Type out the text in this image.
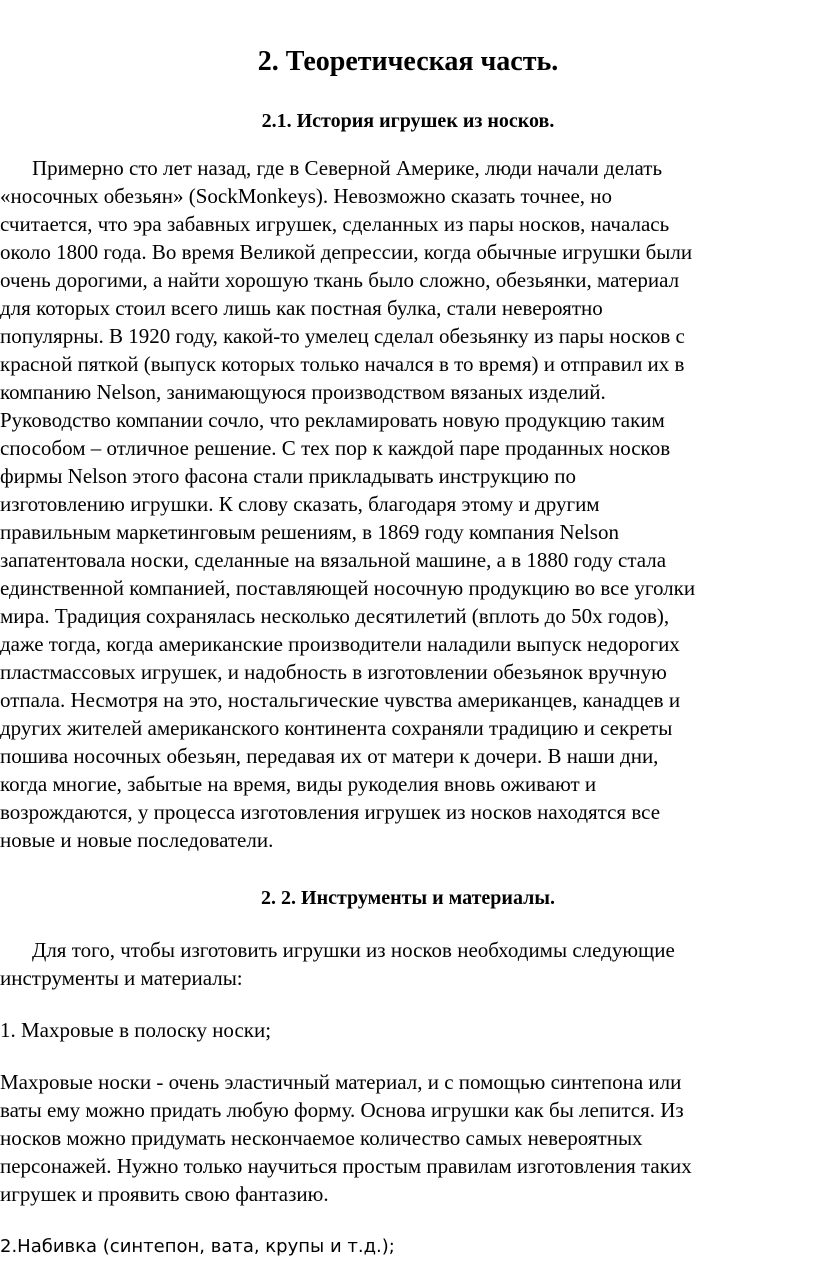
2. Теоретическая часть.
2.1. История игрушек из носков.
Примерно сто лет назад, где в Северной Америке, люди начали делать
«носочных обезьян» (SockMonkeys). Невозможно сказать точнее, но
считается, что эра забавных игрушек, сделанных из пары носков, началась
около 1800 года. Во время Великой депрессии, когда обычные игрушки были
очень дорогими, а найти хорошую ткань было сложно, обезьянки, материал
для которых стоил всего лишь как постная булка, стали невероятно
популярны. В 1920 году, какой-то умелец сделал обезьянку из пары носков с
красной пяткой (выпуск которых только начался в то время) и отправил их в
компанию Nelson, занимающуюся производством вязаных изделий.
Руководство компании сочло, что рекламировать новую продукцию таким
способом – отличное решение. С тех пор к каждой паре проданных носков
фирмы Nelson этого фасона стали прикладывать инструкцию по
изготовлению игрушки. К слову сказать, благодаря этому и другим
правильным маркетинговым решениям, в 1869 году компания Nelson
запатентовала носки, сделанные на вязальной машине, а в 1880 году стала
единственной компанией, поставляющей носочную продукцию во все уголки
мира. Традиция сохранялась несколько десятилетий (вплоть до 50х годов),
даже тогда, когда американские производители наладили выпуск недорогих
пластмассовых игрушек, и надобность в изготовлении обезьянок вручную
отпала. Несмотря на это, ностальгические чувства американцев, канадцев и
других жителей американского континента сохраняли традицию и секреты
пошива носочных обезьян, передавая их от матери к дочери. В наши дни,
когда многие, забытые на время, виды рукоделия вновь оживают и
возрождаются, у процесса изготовления игрушек из носков находятся все
новые и новые последователи.
2. 2. Инструменты и материалы.
Для того, чтобы изготовить игрушки из носков необходимы следующие
инструменты и материалы:
1. Махровые в полоску носки;
Махровые носки - очень эластичный материал, и с помощью синтепона или
ваты ему можно придать любую форму. Основа игрушки как бы лепится. Из
носков можно придумать нескончаемое количество самых невероятных
персонажей. Нужно только научиться простым правилам изготовления таких
игрушек и проявить свою фантазию.
2.Набивка (синтепон, вата, крупы и т.д.);
